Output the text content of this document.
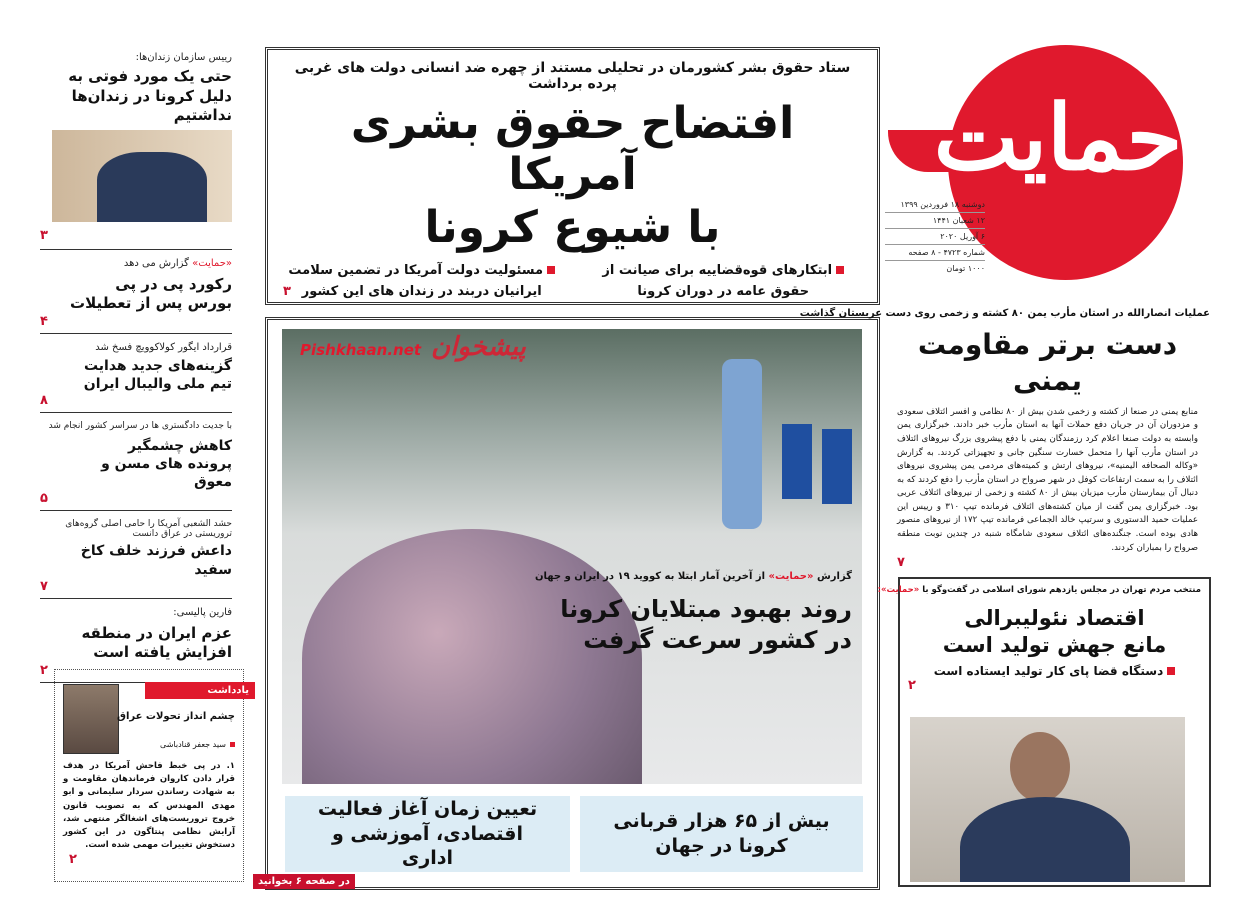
حمایت
دوشنبه ۱۸ فروردین ۱۳۹۹
۱۲ شعبان ۱۴۴۱
۶ آوریل ۲۰۲۰
شماره ۴۷۲۳ - ۸ صفحه
۱۰۰۰ تومان
ستاد حقوق بشر کشورمان در تحلیلی مستند از چهره ضد انسانی دولت های غربی پرده برداشت
افتضاح حقوق بشری آمریکا
با شیوع کرونا
ابتکارهای قوه‌قضاییه برای صیانت از حقوق عامه در دوران کرونا
مسئولیت دولت آمریکا در تضمین سلامت ایرانیان دربند در زندان های این کشور
۳
گزارش «حمایت» از آخرین آمار ابتلا به کووید ۱۹ در ایران و جهان
روند بهبود مبتلایان کرونا در کشور سرعت گرفت
بیش از ۶۵ هزار قربانی کرونا در جهان
تعیین زمان آغاز فعالیت اقتصادی، آموزشی و اداری
پیشخوان
Pishkhaan.net
در صفحه ۶ بخوانید
عملیات انصارالله در استان مأرب یمن ۸۰ کشته و زخمی روی دست عربستان گذاشت
دست برتر مقاومت یمنی
منابع یمنی در صنعا از کشته و زخمی شدن بیش از ۸۰ نظامی و افسر ائتلاف سعودی و مزدوران آن در جریان دفع حملات آنها به استان مأرب خبر دادند. خبرگزاری یمن وابسته به دولت صنعا اعلام کرد رزمندگان یمنی با دفع پیشروی بزرگ نیروهای ائتلاف در استان مأرب آنها را متحمل خسارت سنگین جانی و تجهیزاتی کردند. به گزارش «وکاله الصحافه الیمنیه»، نیروهای ارتش و کمیته‌های مردمی یمن پیشروی نیروهای ائتلاف را به سمت ارتفاعات کوفل در شهر صرواح در استان مأرب را دفع کردند که به دنبال آن بیمارستان مأرب میزبان بیش از ۸۰ کشته و زخمی از نیروهای ائتلاف عربی بود. خبرگزاری یمن گفت از میان کشته‌های ائتلاف فرمانده تیپ ۳۱۰ و رییس این عملیات حمید الدستوری و سرتیپ خالد الجماعی فرمانده تیپ ۱۷۲ از نیروهای منصور هادی بوده است. جنگنده‌های ائتلاف سعودی شامگاه شنبه در چندین نوبت منطقه صرواح را بمباران کردند.
۷
منتخب مردم تهران در مجلس یازدهم شورای اسلامی در گفت‌وگو با «حمایت»:
اقتصاد نئولیبرالی
مانع جهش تولید است
دستگاه قضا پای کار تولید ایستاده است
۲
رییس سازمان زندان‌ها:
حتی یک مورد فوتی به دلیل کرونا در زندان‌ها نداشتیم
۳
«حمایت» گزارش می دهد
رکورد پی در پی بورس پس از تعطیلات
۴
قرارداد ایگور کولاکوویچ فسخ شد
گزینه‌های جدید هدایت تیم ملی والیبال ایران
۸
با جدیت دادگستری ها در سراسر کشور انجام شد
کاهش چشمگیر پرونده های مسن و معوق
۵
حشد الشعبی آمریکا را حامی اصلی گروه‌های تروریستی در عراق دانست
داعش فرزند خلف کاخ سفید
۷
فارین پالیسی:
عزم ایران در منطقه افزایش یافته است
۲
یادداشت
چشم انداز تحولات عراق
سید جعفر قنادباشی
۱. در پی خبط فاحش آمریکا در هدف قرار دادن کاروان فرماندهان مقاومت و به شهادت رساندن سردار سلیمانی و ابو مهدی المهندس که به تصویب قانون خروج تروریست‌های اشغالگر منتهی شد، آرایش نظامی پنتاگون در این کشور دستخوش تغییرات مهمی شده است.
۲
